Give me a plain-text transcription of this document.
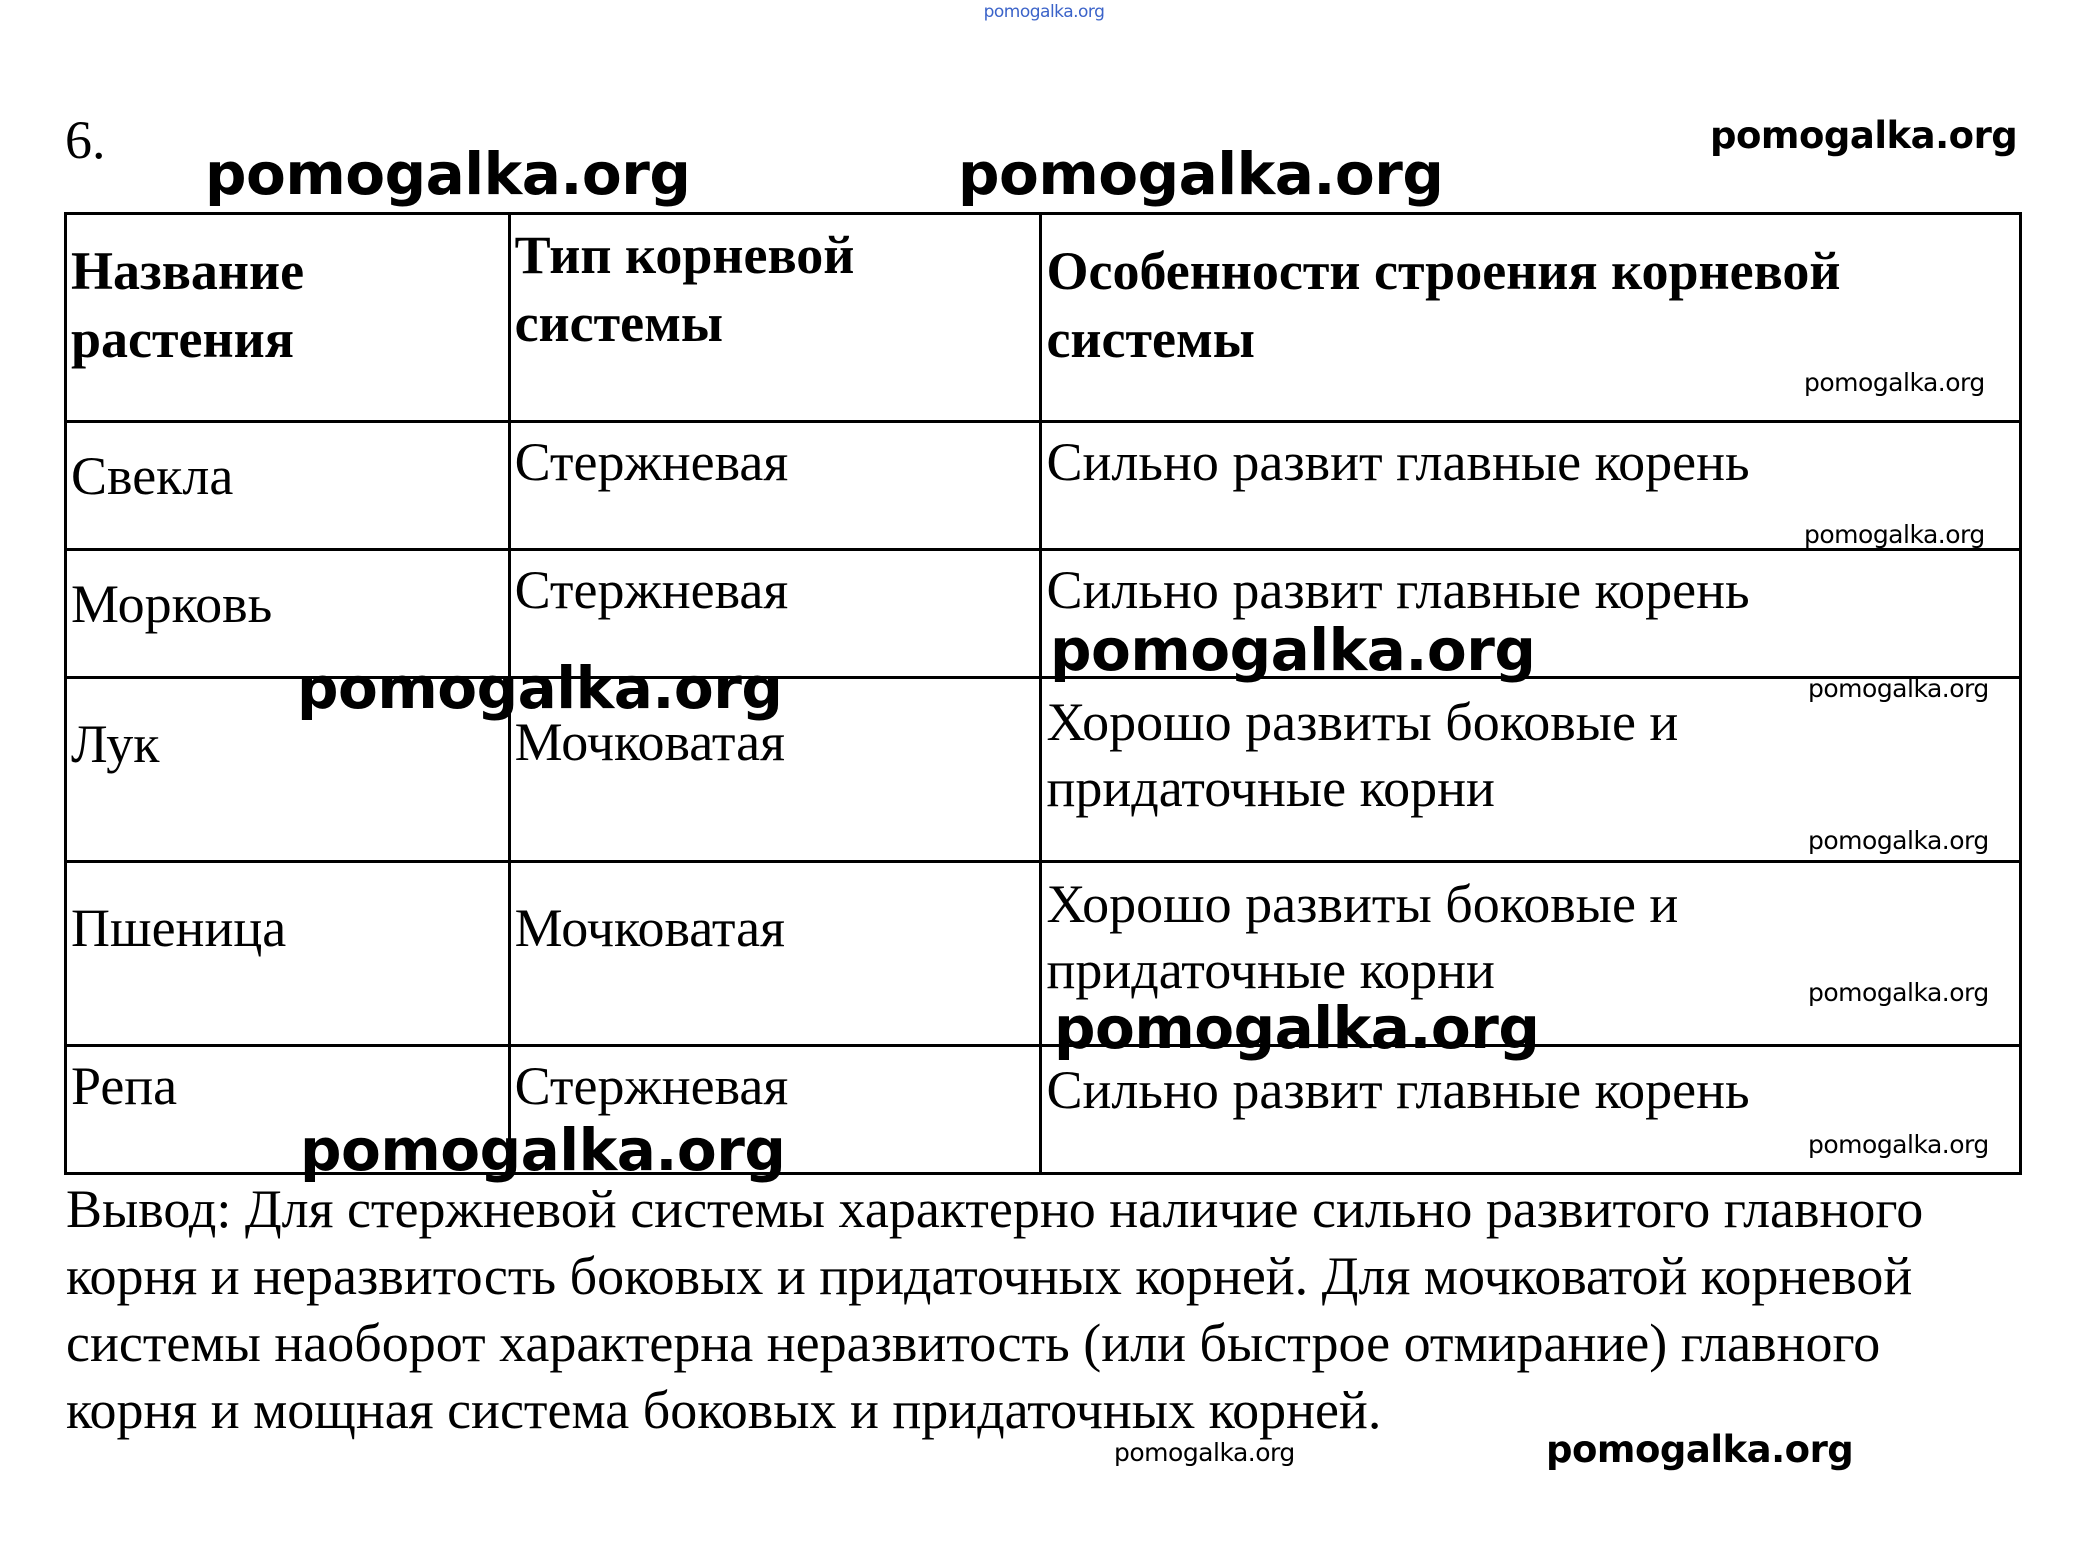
pomogalka.org
6.
Название растения	Тип корневой системы	Особенности строения корневой системы
Свекла	Стержневая	Сильно развит главные корень
Морковь	Стержневая	Сильно развит главные корень
Лук	Мочковатая	Хорошо развиты боковые и придаточные корни
Пшеница	Мочковатая	Хорошо развиты боковые и придаточные корни
Репа	Стержневая	Сильно развит главные корень
Вывод: Для стержневой системы характерно наличие сильно развитого главного корня и неразвитость боковых и придаточных корней. Для мочковатой корневой системы наоборот характерна неразвитость (или быстрое отмирание) главного корня и мощная система боковых и придаточных корней.
pomogalka.org	pomogalka.org
pomogalka.org
pomogalka.org
pomogalka.org
pomogalka.org
pomogalka.org
pomogalka.org
pomogalka.org
pomogalka.org
pomogalka.org
pomogalka.org
pomogalka.org
pomogalka.org	pomogalka.org
